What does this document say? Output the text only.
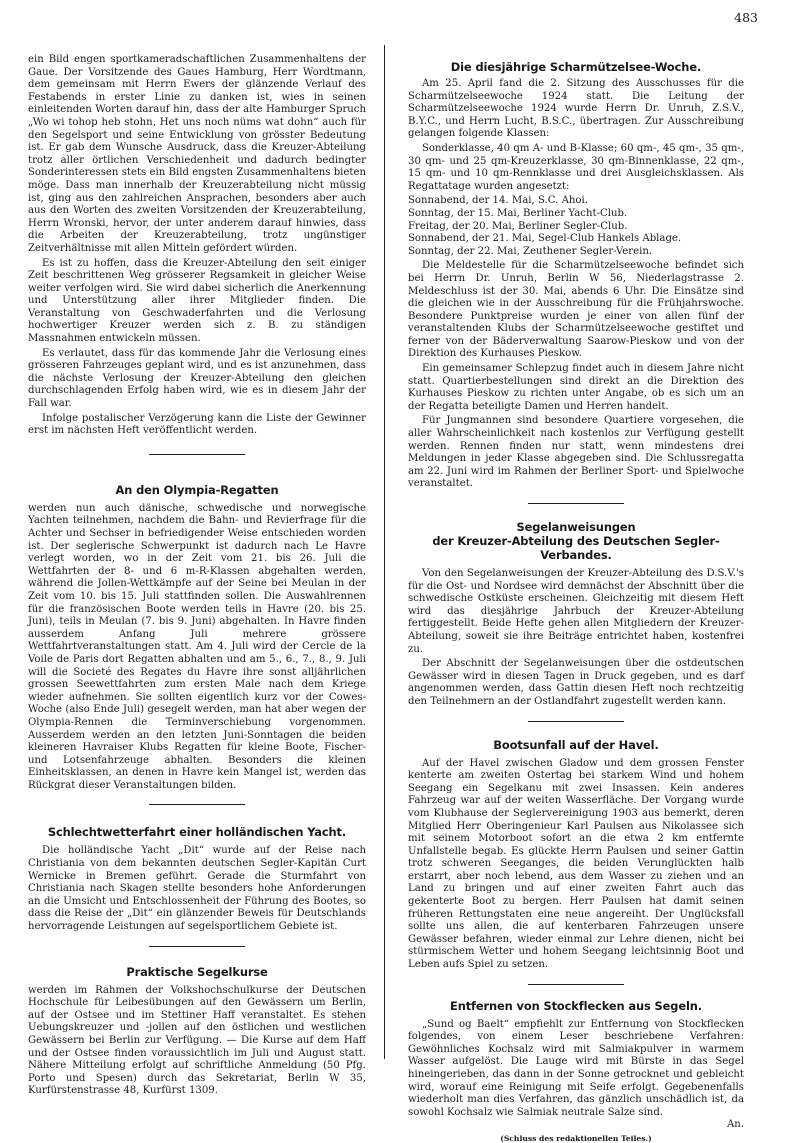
483

ein Bild engen sportkameradschaftlichen Zusammenhaltens der Gaue. Der Vorsitzende des Gaues Hamburg, Herr Wordtmann, dem gemeinsam mit Herrn Ewers der glänzende Verlauf des Festabends in erster Linie zu danken ist, wies in seinen einleitenden Worten darauf hin, dass der alte Hamburger Spruch „Wo wi tohop heb stohn, Het uns noch nüms wat dohn“ auch für den Segelsport und seine Entwicklung von grösster Bedeutung ist. Er gab dem Wunsche Ausdruck, dass die Kreuzer-Abteilung trotz aller örtlichen Verschiedenheit und dadurch bedingter Sonderinteressen stets ein Bild engsten Zusammenhaltens bieten möge. Dass man innerhalb der Kreuzerabteilung nicht müssig ist, ging aus den zahlreichen Ansprachen, besonders aber auch aus den Worten des zweiten Vorsitzenden der Kreuzerabteilung, Herrn Wronski, hervor, der unter anderem darauf hinwies, dass die Arbeiten der Kreuzerabteilung, trotz ungünstiger Zeitverhältnisse mit allen Mitteln gefördert würden.

Es ist zu hoffen, dass die Kreuzer-Abteilung den seit einiger Zeit beschrittenen Weg grösserer Regsamkeit in gleicher Weise weiter verfolgen wird. Sie wird dabei sicherlich die Anerkennung und Unterstützung aller ihrer Mitglieder finden. Die Veranstaltung von Geschwaderfahrten und die Verlosung hochwertiger Kreuzer werden sich z. B. zu ständigen Massnahmen entwickeln müssen.

Es verlautet, dass für das kommende Jahr die Verlosung eines grösseren Fahrzeuges geplant wird, und es ist anzunehmen, dass die nächste Verlosung der Kreuzer-Abteilung den gleichen durchschlagenden Erfolg haben wird, wie es in diesem Jahr der Fall war.

Infolge postalischer Verzögerung kann die Liste der Gewinner erst im nächsten Heft veröffentlicht werden.

An den Olympia-Regatten

werden nun auch dänische, schwedische und norwegische Yachten teilnehmen, nachdem die Bahn- und Revierfrage für die Achter und Sechser in befriedigender Weise entschieden worden ist. Der seglerische Schwerpunkt ist dadurch nach Le Havre verlegt worden, wo in der Zeit vom 21. bis 26. Juli die Wettfahrten der 8- und 6 m-R-Klassen abgehalten werden, während die Jollen-Wettkämpfe auf der Seine bei Meulan in der Zeit vom 10. bis 15. Juli stattfinden sollen. Die Auswahlrennen für die französischen Boote werden teils in Havre (20. bis 25. Juni), teils in Meulan (7. bis 9. Juni) abgehalten. In Havre finden ausserdem Anfang Juli mehrere grössere Wettfahrtveranstaltungen statt. Am 4. Juli wird der Cercle de la Voile de Paris dort Regatten abhalten und am 5., 6., 7., 8., 9. Juli will die Societé des Regates du Havre ihre sonst alljährlichen grossen Seewettfahrten zum ersten Male nach dem Kriege wieder aufnehmen. Sie sollten eigentlich kurz vor der Cowes-Woche (also Ende Juli) gesegelt werden, man hat aber wegen der Olympia-Rennen die Terminverschiebung vorgenommen. Ausserdem werden an den letzten Juni-Sonntagen die beiden kleineren Havraiser Klubs Regatten für kleine Boote, Fischer- und Lotsenfahrzeuge abhalten. Besonders die kleinen Einheitsklassen, an denen in Havre kein Mangel ist, werden das Rückgrat dieser Veranstaltungen bilden.

Schlechtwetterfahrt einer holländischen Yacht.

Die holländische Yacht „Dit“ wurde auf der Reise nach Christiania von dem bekannten deutschen Segler-Kapitän Curt Wernicke in Bremen geführt. Gerade die Sturmfahrt von Christiania nach Skagen stellte besonders hohe Anforderungen an die Umsicht und Entschlossenheit der Führung des Bootes, so dass die Reise der „Dit“ ein glänzender Beweis für Deutschlands hervorragende Leistungen auf segelsportlichem Gebiete ist.

Praktische Segelkurse

werden im Rahmen der Volkshochschulkurse der Deutschen Hochschule für Leibesübungen auf den Gewässern um Berlin, auf der Ostsee und im Stettiner Haff veranstaltet. Es stehen Uebungskreuzer und -jollen auf den östlichen und westlichen Gewässern bei Berlin zur Verfügung. — Die Kurse auf dem Haff und der Ostsee finden voraussichtlich im Juli und August statt. Nähere Mitteilung erfolgt auf schriftliche Anmeldung (50 Pfg. Porto und Spesen) durch das Sekretariat, Berlin W 35, Kurfürstenstrasse 48, Kurfürst 1309.

Die diesjährige Scharmützelsee-Woche.

Am 25. April fand die 2. Sitzung des Ausschusses für die Scharmützelseewoche 1924 statt. Die Leitung der Scharmützelseewoche 1924 wurde Herrn Dr. Unruh, Z.S.V., B.Y.C., und Herrn Lucht, B.S.C., übertragen. Zur Ausschreibung gelangen folgende Klassen:

Sonderklasse, 40 qm A- und B-Klasse; 60 qm-, 45 qm-, 35 qm-, 30 qm- und 25 qm-Kreuzerklasse, 30 qm-Binnenklasse, 22 qm-, 15 qm- und 10 qm-Rennklasse und drei Ausgleichsklassen. Als Regattatage wurden angesetzt:

Sonnabend, der 14. Mai, S.C. Ahoi.

Sonntag, der 15. Mai, Berliner Yacht-Club.

Freitag, der 20. Mai, Berliner Segler-Club.

Sonnabend, der 21. Mai, Segel-Club Hankels Ablage.

Sonntag, der 22. Mai, Zeuthener Segler-Verein.

Die Meldestelle für die Scharmützelseewoche befindet sich bei Herrn Dr. Unruh, Berlin W 56, Niederlagstrasse 2. Meldeschluss ist der 30. Mai, abends 6 Uhr. Die Einsätze sind die gleichen wie in der Ausschreibung für die Frühjahrswoche. Besondere Punktpreise wurden je einer von allen fünf der veranstaltenden Klubs der Scharmützelseewoche gestiftet und ferner von der Bäderverwaltung Saarow-Pieskow und von der Direktion des Kurhauses Pieskow.

Ein gemeinsamer Schlepzug findet auch in diesem Jahre nicht statt. Quartierbestellungen sind direkt an die Direktion des Kurhauses Pieskow zu richten unter Angabe, ob es sich um an der Regatta beteiligte Damen und Herren handelt.

Für Jungmannen sind besondere Quartiere vorgesehen, die aller Wahrscheinlichkeit nach kostenlos zur Verfügung gestellt werden. Rennen finden nur statt, wenn mindestens drei Meldungen in jeder Klasse abgegeben sind. Die Schlussregatta am 22. Juni wird im Rahmen der Berliner Sport- und Spielwoche veranstaltet.

Segelanweisungen
der Kreuzer-Abteilung des Deutschen Segler-Verbandes.

Von den Segelanweisungen der Kreuzer-Abteilung des D.S.V.'s für die Ost- und Nordsee wird demnächst der Abschnitt über die schwedische Ostküste erscheinen. Gleichzeitig mit diesem Heft wird das diesjährige Jahrbuch der Kreuzer-Abteilung fertiggestellt. Beide Hefte gehen allen Mitgliedern der Kreuzer-Abteilung, soweit sie ihre Beiträge entrichtet haben, kostenfrei zu.

Der Abschnitt der Segelanweisungen über die ostdeutschen Gewässer wird in diesen Tagen in Druck gegeben, und es darf angenommen werden, dass Gattin diesen Heft noch rechtzeitig den Teilnehmern an der Ostlandfahrt zugestellt werden kann.

Bootsunfall auf der Havel.

Auf der Havel zwischen Gladow und dem grossen Fenster kenterte am zweiten Ostertag bei starkem Wind und hohem Seegang ein Segelkanu mit zwei Insassen. Kein anderes Fahrzeug war auf der weiten Wasserfläche. Der Vorgang wurde vom Klubhause der Seglervereinigung 1903 aus bemerkt, deren Mitglied Herr Oberingenieur Karl Paulsen aus Nikolassee sich mit seinem Motorboot sofort an die etwa 2 km entfernte Unfallstelle begab. Es glückte Herrn Paulsen und seiner Gattin trotz schweren Seeganges, die beiden Verunglückten halb erstarrt, aber noch lebend, aus dem Wasser zu ziehen und an Land zu bringen und auf einer zweiten Fahrt auch das gekenterte Boot zu bergen. Herr Paulsen hat damit seinen früheren Rettungstaten eine neue angereiht. Der Unglücksfall sollte uns allen, die auf kenterbaren Fahrzeugen unsere Gewässer befahren, wieder einmal zur Lehre dienen, nicht bei stürmischem Wetter und hohem Seegang leichtsinnig Boot und Leben aufs Spiel zu setzen.

Entfernen von Stockflecken aus Segeln.

„Sund og Baelt“ empfiehlt zur Entfernung von Stockflecken folgendes, von einem Leser beschriebene Verfahren: Gewöhnliches Kochsalz wird mit Salmiakpulver in warmem Wasser aufgelöst. Die Lauge wird mit Bürste in das Segel hineingerieben, das dann in der Sonne getrocknet und gebleicht wird, worauf eine Reinigung mit Seife erfolgt. Gegebenenfalls wiederholt man dies Verfahren, das gänzlich unschädlich ist, da sowohl Kochsalz wie Salmiak neutrale Salze sind.

An.

(Schluss des redaktionellen Teiles.)
